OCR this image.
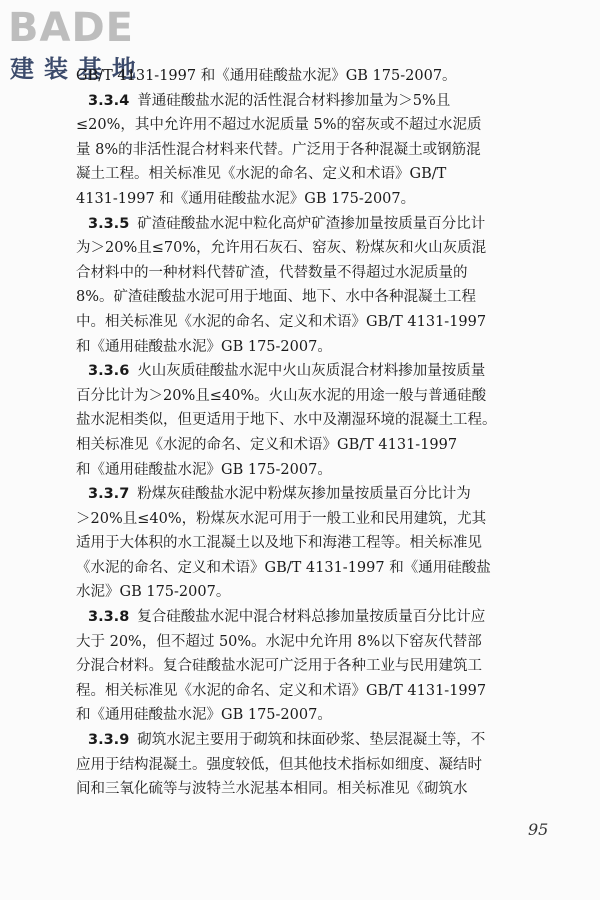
BADE
建装基地
GB/T 4131-1997 和《通用硅酸盐水泥》GB 175-2007。
3.3.4 普通硅酸盐水泥的活性混合材料掺加量为＞5%且
≤20%，其中允许用不超过水泥质量 5%的窑灰或不超过水泥质
量 8%的非活性混合材料来代替。广泛用于各种混凝土或钢筋混
凝土工程。相关标准见《水泥的命名、定义和术语》GB/T
4131-1997 和《通用硅酸盐水泥》GB 175-2007。
3.3.5 矿渣硅酸盐水泥中粒化高炉矿渣掺加量按质量百分比计
为＞20%且≤70%，允许用石灰石、窑灰、粉煤灰和火山灰质混
合材料中的一种材料代替矿渣，代替数量不得超过水泥质量的
8%。矿渣硅酸盐水泥可用于地面、地下、水中各种混凝土工程
中。相关标准见《水泥的命名、定义和术语》GB/T 4131-1997
和《通用硅酸盐水泥》GB 175-2007。
3.3.6 火山灰质硅酸盐水泥中火山灰质混合材料掺加量按质量
百分比计为＞20%且≤40%。火山灰水泥的用途一般与普通硅酸
盐水泥相类似，但更适用于地下、水中及潮湿环境的混凝土工程。
相关标准见《水泥的命名、定义和术语》GB/T 4131-1997
和《通用硅酸盐水泥》GB 175-2007。
3.3.7 粉煤灰硅酸盐水泥中粉煤灰掺加量按质量百分比计为
＞20%且≤40%，粉煤灰水泥可用于一般工业和民用建筑，尤其
适用于大体积的水工混凝土以及地下和海港工程等。相关标准见
《水泥的命名、定义和术语》GB/T 4131-1997 和《通用硅酸盐
水泥》GB 175-2007。
3.3.8 复合硅酸盐水泥中混合材料总掺加量按质量百分比计应
大于 20%，但不超过 50%。水泥中允许用 8%以下窑灰代替部
分混合材料。复合硅酸盐水泥可广泛用于各种工业与民用建筑工
程。相关标准见《水泥的命名、定义和术语》GB/T 4131-1997
和《通用硅酸盐水泥》GB 175-2007。
3.3.9 砌筑水泥主要用于砌筑和抹面砂浆、垫层混凝土等，不
应用于结构混凝土。强度较低，但其他技术指标如细度、凝结时
间和三氧化硫等与波特兰水泥基本相同。相关标准见《砌筑水
95
